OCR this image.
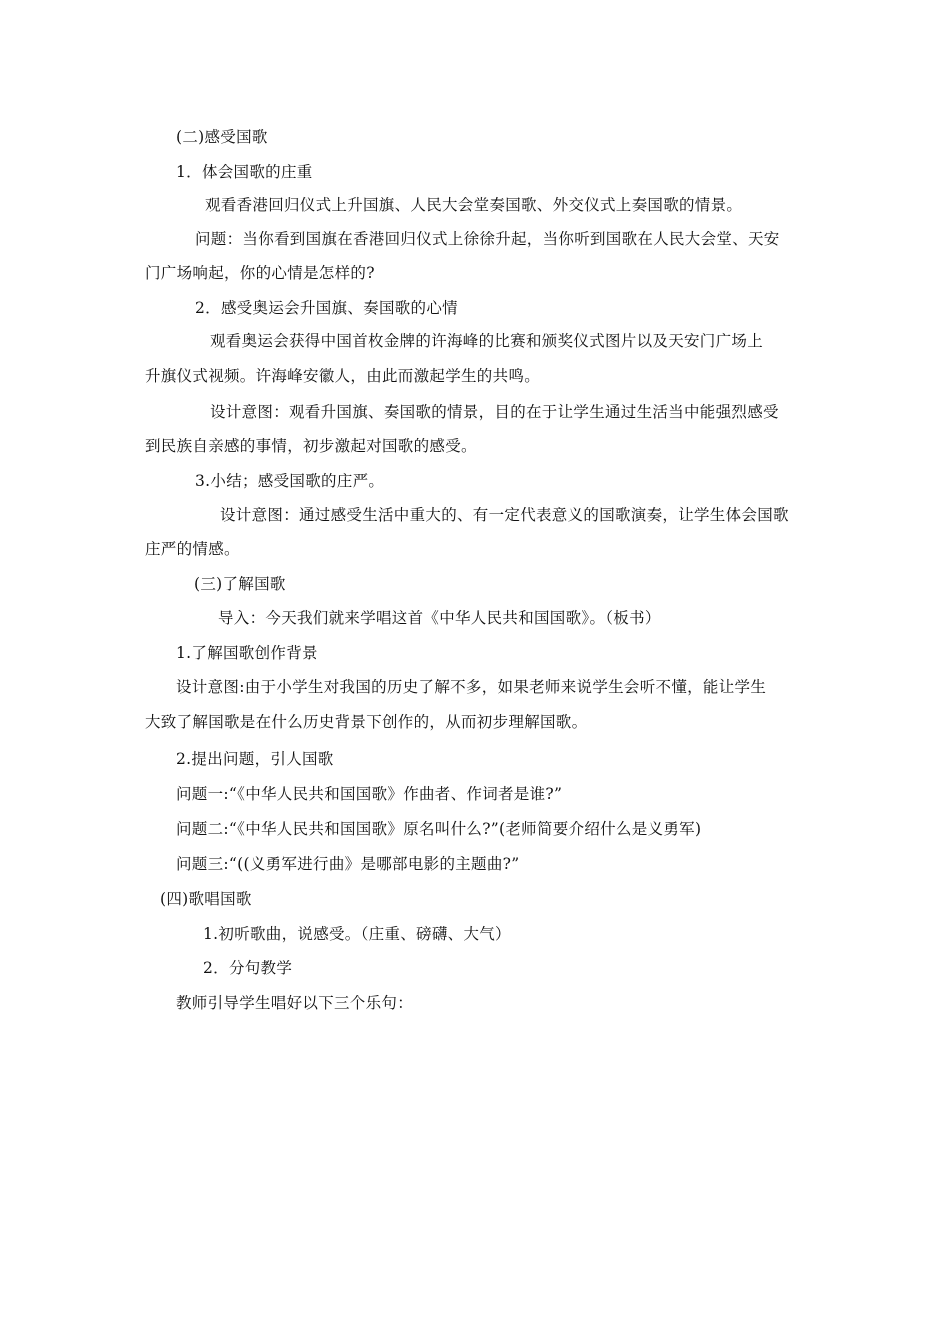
(二)感受国歌
1．体会国歌的庄重
观看香港回归仪式上升国旗、人民大会堂奏国歌、外交仪式上奏国歌的情景。
问题：当你看到国旗在香港回归仪式上徐徐升起，当你听到国歌在人民大会堂、天安
门广场响起，你的心情是怎样的?
2．感受奥运会升国旗、奏国歌的心情
观看奥运会获得中国首枚金牌的许海峰的比赛和颁奖仪式图片以及天安门广场上
升旗仪式视频。许海峰安徽人，由此而激起学生的共鸣。
设计意图：观看升国旗、奏国歌的情景，目的在于让学生通过生活当中能强烈感受
到民族自亲感的事情，初步激起对国歌的感受。
3.小结；感受国歌的庄严。
设计意图：通过感受生活中重大的、有一定代表意义的国歌演奏，让学生体会国歌
庄严的情感。
(三)了解国歌
导入：今天我们就来学唱这首《中华人民共和国国歌》。（板书）
1.了解国歌创作背景
设计意图:由于小学生对我国的历史了解不多，如果老师来说学生会听不懂，能让学生
大致了解国歌是在什么历史背景下创作的，从而初步理解国歌。
2.提出问题，引人国歌
问题一:“《中华人民共和国国歌》作曲者、作词者是谁?”
问题二:“《中华人民共和国国歌》原名叫什么?”(老师简要介绍什么是义勇军)
问题三:“((义勇军进行曲》是哪部电影的主题曲?”
(四)歌唱国歌
1.初听歌曲，说感受。（庄重、磅礴、大气）
2．分句教学
教师引导学生唱好以下三个乐句：
